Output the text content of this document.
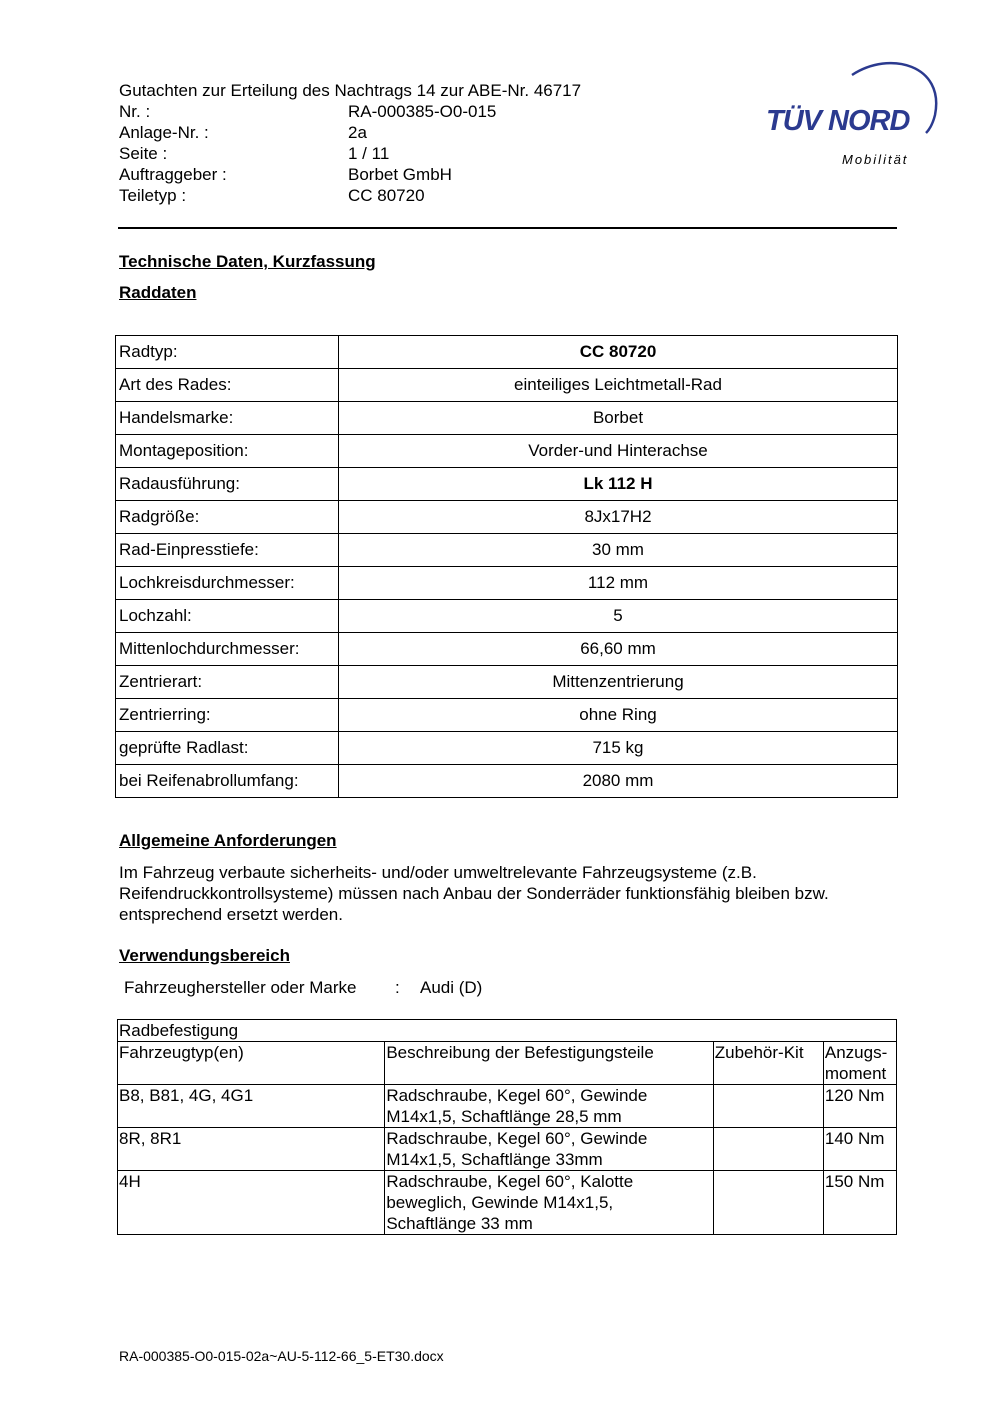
Gutachten zur Erteilung des Nachtrags 14 zur ABE-Nr. 46717
Nr. :	RA-000385-O0-015
Anlage-Nr. :	2a
Seite :	1 / 11
Auftraggeber :	Borbet GmbH
Teiletyp :	CC 80720
TÜV NORD
Mobilität
Technische Daten, Kurzfassung
Raddaten
Radtyp:	CC 80720
Art des Rades:	einteiliges Leichtmetall-Rad
Handelsmarke:	Borbet
Montageposition:	Vorder-und Hinterachse
Radausführung:	Lk 112 H
Radgröße:	8Jx17H2
Rad-Einpresstiefe:	30 mm
Lochkreisdurchmesser:	112 mm
Lochzahl:	5
Mittenlochdurchmesser:	66,60 mm
Zentrierart:	Mittenzentrierung
Zentrierring:	ohne Ring
geprüfte Radlast:	715 kg
bei Reifenabrollumfang:	2080 mm
Allgemeine Anforderungen
Im Fahrzeug verbaute sicherheits- und/oder umweltrelevante Fahrzeugsysteme (z.B.
Reifendruckkontrollsysteme) müssen nach Anbau der Sonderräder funktionsfähig bleiben bzw.
entsprechend ersetzt werden.
Verwendungsbereich
Fahrzeughersteller oder Marke : Audi (D)
Radbefestigung			
Fahrzeugtyp(en)	Beschreibung der Befestigungsteile	Zubehör-Kit	Anzugs-
moment
B8, B81, 4G, 4G1	Radschraube, Kegel 60°, Gewinde
M14x1,5, Schaftlänge 28,5 mm		120 Nm
8R, 8R1	Radschraube, Kegel 60°, Gewinde
M14x1,5, Schaftlänge 33mm		140 Nm
4H	Radschraube, Kegel 60°, Kalotte
beweglich, Gewinde M14x1,5,
Schaftlänge 33 mm		150 Nm
RA-000385-O0-015-02a~AU-5-112-66_5-ET30.docx
